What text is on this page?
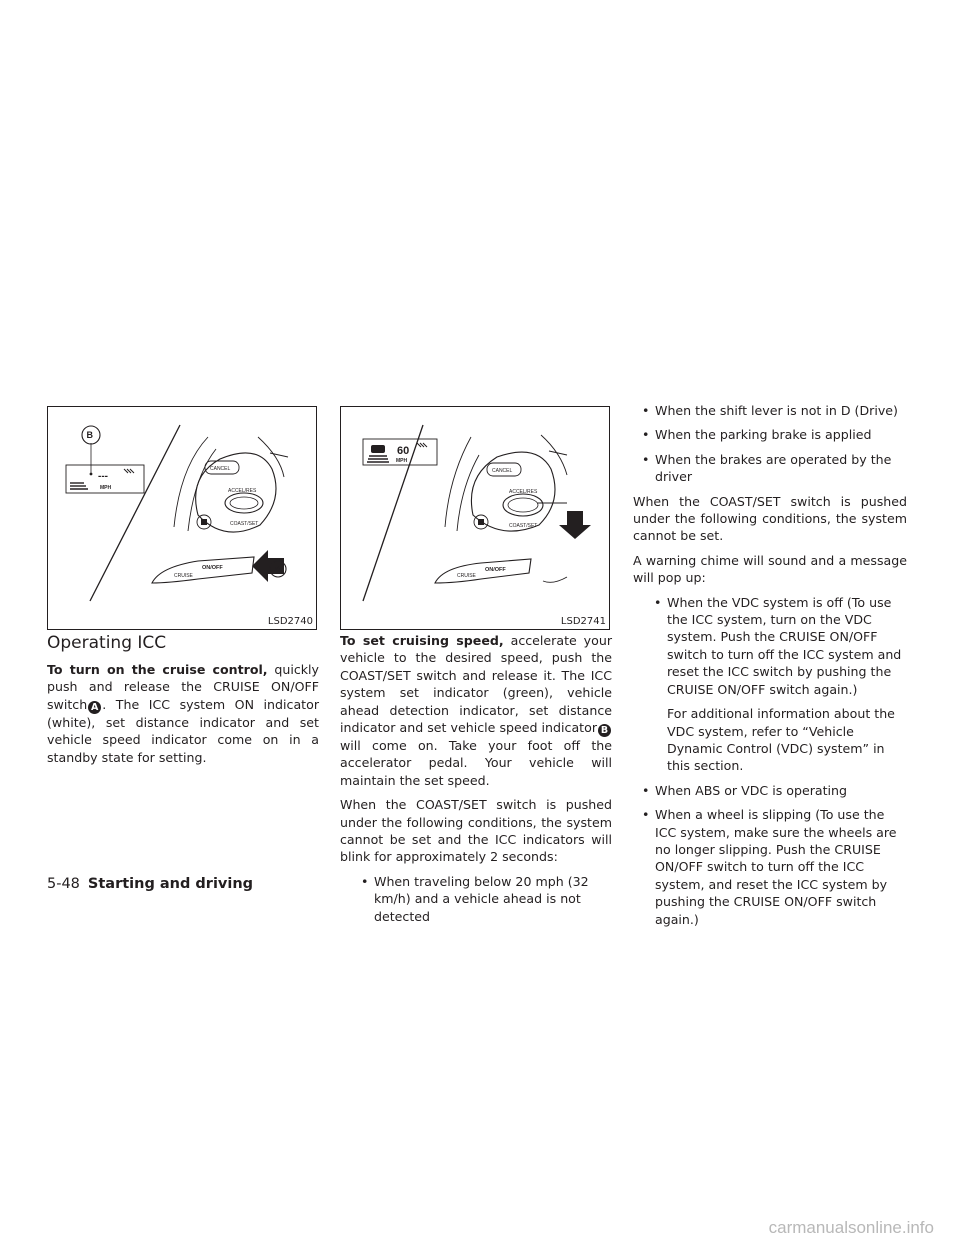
---
MPH
B
A
CANCEL
ACCEL/RES
COAST/SET
CRUISE
ON/OFF
LSD2740
60
MPH
CANCEL
ACCEL/RES
COAST/SET
CRUISE
ON/OFF
LSD2741
Operating ICC

To turn on the cruise control, quickly push and release the CRUISE ON/OFF switch A . The ICC system ON indicator (white), set distance indicator and set vehicle speed indicator come on in a standby state for setting.

To set cruising speed, accelerate your vehicle to the desired speed, push the COAST/SET switch and release it. The ICC system set indicator (green), vehicle ahead detection indicator, set distance indicator and set vehicle speed indicator B will come on. Take your foot off the accelerator pedal. Your vehicle will maintain the set speed.

When the COAST/SET switch is pushed under the following conditions, the system cannot be set and the ICC indicators will blink for approximately 2 seconds:

• When traveling below 20 mph (32 km/h) and a vehicle ahead is not detected
• When the shift lever is not in D (Drive)
• When the parking brake is applied
• When the brakes are operated by the driver

When the COAST/SET switch is pushed under the following conditions, the system cannot be set.

A warning chime will sound and a message will pop up:

• When the VDC system is off (To use the ICC system, turn on the VDC system. Push the CRUISE ON/OFF switch to turn off the ICC system and reset the ICC switch by pushing the CRUISE ON/OFF switch again.)
For additional information about the VDC system, refer to “Vehicle Dynamic Control (VDC) system” in this section.
• When ABS or VDC is operating
• When a wheel is slipping (To use the ICC system, make sure the wheels are no longer slipping. Push the CRUISE ON/OFF switch to turn off the ICC system, and reset the ICC system by pushing the CRUISE ON/OFF switch again.)
5-48 Starting and driving
carmanualsonline.info
